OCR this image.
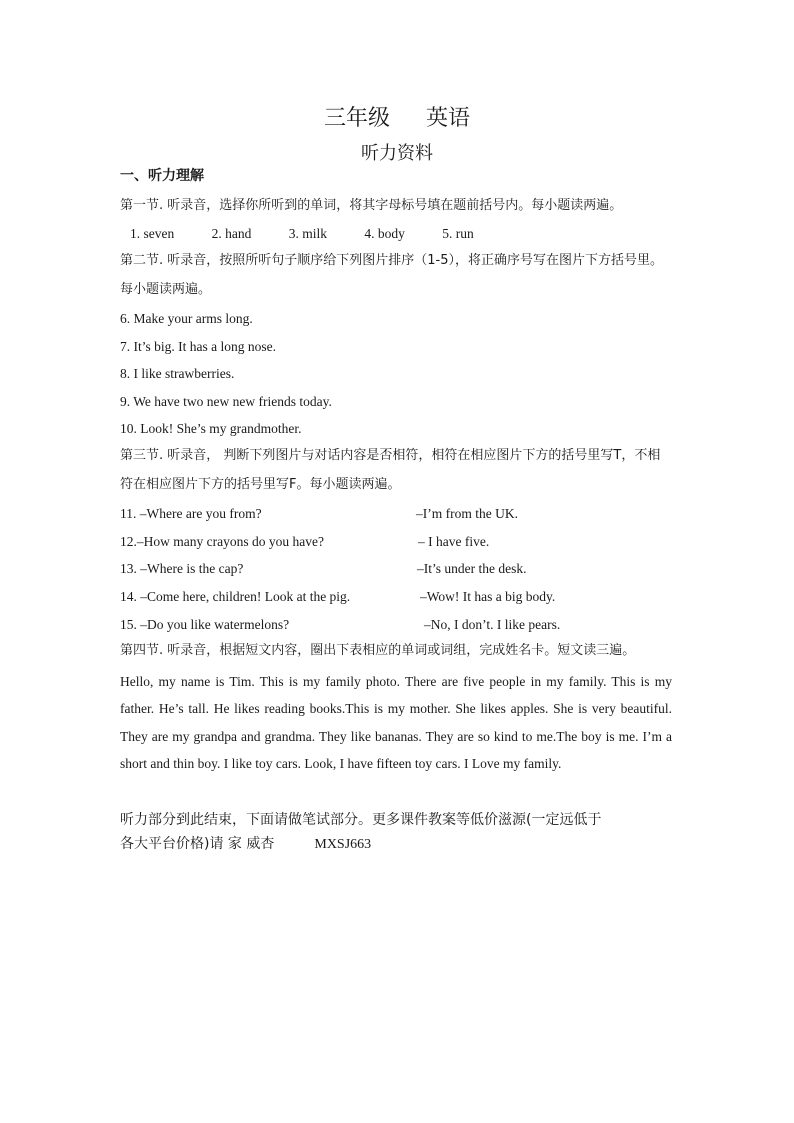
三年级 英语
听力资料
一、听力理解
第一节. 听录音，选择你所听到的单词，将其字母标号填在题前括号内。每小题读两遍。
1. seven	2. hand	3. milk	4. body	5. run
第二节. 听录音，按照所听句子顺序给下列图片排序（1-5），将正确序号写在图片下方括号里。
每小题读两遍。
6. Make your arms long.
7. It’s big. It has a long nose.
8. I like strawberries.
9. We have two new new friends today.
10. Look! She’s my grandmother.
第三节. 听录音， 判断下列图片与对话内容是否相符，相符在相应图片下方的括号里写T，不相
符在相应图片下方的括号里写F。每小题读两遍。
11. –Where are you from?	–I’m from the UK.
12.–How many crayons do you have?	– I have five.
13. –Where is the cap?	–It’s under the desk.
14. –Come here, children! Look at the pig.	–Wow! It has a big body.
15. –Do you like watermelons?	–No, I don’t. I like pears.
第四节. 听录音，根据短文内容，圈出下表相应的单词或词组，完成姓名卡。短文读三遍。
Hello, my name is Tim. This is my family photo. There are five people in my family. This is my father. He’s tall. He likes reading books.This is my mother. She likes apples. She is very beautiful. They are my grandpa and grandma. They like bananas. They are so kind to me.The boy is me. I’m a short and thin boy. I like toy cars. Look, I have fifteen toy cars. I Love my family.
听力部分到此结束，下面请做笔试部分。更多课件教案等低价滋源(一定远低于
各大平台价格)请 家 威杏	MXSJ663
